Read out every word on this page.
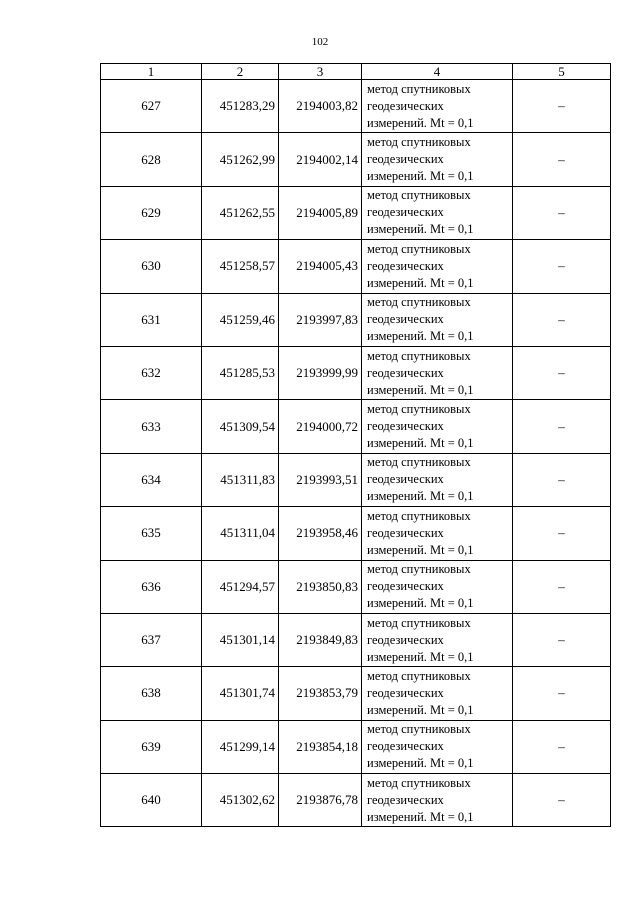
102
1	2	3	4	5
627	451283,29	2194003,82	метод спутниковых
геодезических
измерений. Mt = 0,1	–
628	451262,99	2194002,14	метод спутниковых
геодезических
измерений. Mt = 0,1	–
629	451262,55	2194005,89	метод спутниковых
геодезических
измерений. Mt = 0,1	–
630	451258,57	2194005,43	метод спутниковых
геодезических
измерений. Mt = 0,1	–
631	451259,46	2193997,83	метод спутниковых
геодезических
измерений. Mt = 0,1	–
632	451285,53	2193999,99	метод спутниковых
геодезических
измерений. Mt = 0,1	–
633	451309,54	2194000,72	метод спутниковых
геодезических
измерений. Mt = 0,1	–
634	451311,83	2193993,51	метод спутниковых
геодезических
измерений. Mt = 0,1	–
635	451311,04	2193958,46	метод спутниковых
геодезических
измерений. Mt = 0,1	–
636	451294,57	2193850,83	метод спутниковых
геодезических
измерений. Mt = 0,1	–
637	451301,14	2193849,83	метод спутниковых
геодезических
измерений. Mt = 0,1	–
638	451301,74	2193853,79	метод спутниковых
геодезических
измерений. Mt = 0,1	–
639	451299,14	2193854,18	метод спутниковых
геодезических
измерений. Mt = 0,1	–
640	451302,62	2193876,78	метод спутниковых
геодезических
измерений. Mt = 0,1	–
